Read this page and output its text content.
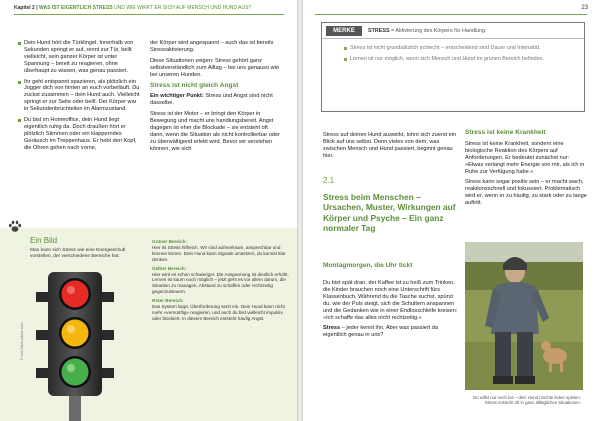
Kapitel 2 | WAS IST EIGENTLICH STRESS UND WIE WIRKT ER SICH AUF MENSCH UND HUND AUS?
Dein Hund hört die Türklingel. Innerhalb von Sekunden springt er auf, rennt zur Tür, bellt vielleicht, sein ganzer Körper ist unter Spannung – bereit zu reagieren, ohne überhaupt zu wissen, was genau passiert.
Ihr geht entspannt spazieren, als plötzlich ein Jogger dich von hinten an euch vorbeiläuft. Du zuckst zusammen – dein Hund auch. Vielleicht springt er zur Seite oder bellt. Der Körper war in Sekundenbruchteilen im Alarmzustand.
Du bist im Homeoffice, dein Hund liegt eigentlich ruhig da. Doch draußen hört er plötzlich Stimmen oder ein klapperndes Geräusch im Treppenhaus. Er hebt den Kopf, die Ohren gehen nach vorne,

der Körper wird angespannt – auch das ist bereits Stressaktivierung.

Diese Situationen zeigen: Stress gehört ganz selbstverständlich zum Alltag – bei uns genauso wie bei unseren Hunden.

Stress ist nicht gleich Angst

Ein wichtiger Punkt: Stress und Angst sind nicht dasselbe.

Stress ist der Motor – er bringt den Körper in Bewegung und macht uns handlungsbereit. Angst dagegen ist eher die Blockade – sie entsteht oft dann, wenn die Situation als nicht kontrollierbar oder zu überwältigend erlebt wird. Bevor wir verstehen können, wie sich

Ein Bild
Man kann sich Stress wie eine Energieschub vorstellen, der verschiedene Bereiche hat:
© mel-Stock.adobe.com
Grüner Bereich:

Hier ist Stress hilfreich. Wir sind aufmerksam, ansprechbar und können lernen. Dein Hund kann Signale umsetzen, du kannst klar denken.

Gelber Bereich:

Hier wird es schon schwieriger. Die Anspannung ist deutlich erhöht. Lernen ist kaum noch möglich – jetzt geht es vor allem darum, die Situation zu managen, Abstand zu schaffen oder rechtzeitig gegenzusteuern.

Roter Bereich:

Das System kippt. Überforderung setzt ein. Dein Hund kann nicht mehr »vernünftig« reagieren, und auch du bist vielleicht impulsiv oder blockiert. In diesem Bereich entsteht häufig Angst.

23
MERKE	STRESS = Aktivierung des Körpers für Handlung.
Stress ist nicht grundsätzlich schlecht – entscheidend sind Dauer und Intensität.
Lernen ist nur möglich, wenn sich Mensch und Hund im grünen Bereich befinden.
Stress auf deinen Hund auswirkt, lohnt sich zuerst ein Blick auf uns selbst. Denn vieles von dem, was zwischen Mensch und Hund passiert, beginnt genau hier.
2.1
Stress beim Menschen – Ursachen, Muster, Wirkungen auf Körper und Psyche – Ein ganz normaler Tag
Montagmorgen, die Uhr tickt

Du bist spät dran, der Kaffee ist zu heiß zum Trinken, die Kinder brauchen noch eine Unterschrift fürs Klassenbuch. Während du die Tasche suchst, spürst du, wie der Puls steigt, sich die Schultern anspannen und die Gedanken wie in einer Endlosschleife kreisen: »Ich schaffe das alles nicht rechtzeitig.«

Stress – jeder kennt ihn. Aber was passiert da eigentlich genau in uns?

Stress ist keine Krankheit

Stress ist keine Krankheit, sondern eine biologische Reaktion des Körpers auf Anforderungen. Er bedeutet zunächst nur: »Etwas verlangt mehr Energie von mir, als ich in Ruhe zur Verfügung habe.«

Stress kann sogar positiv sein – er macht wach, reaktionsschnell und fokussiert. Problematisch wird er, wenn er zu häufig, zu stark oder zu lange auftritt.

Du willst nur noch los – dein Hund möchte lieber spielen. Stress entsteht oft in ganz alltäglichen Situationen.
